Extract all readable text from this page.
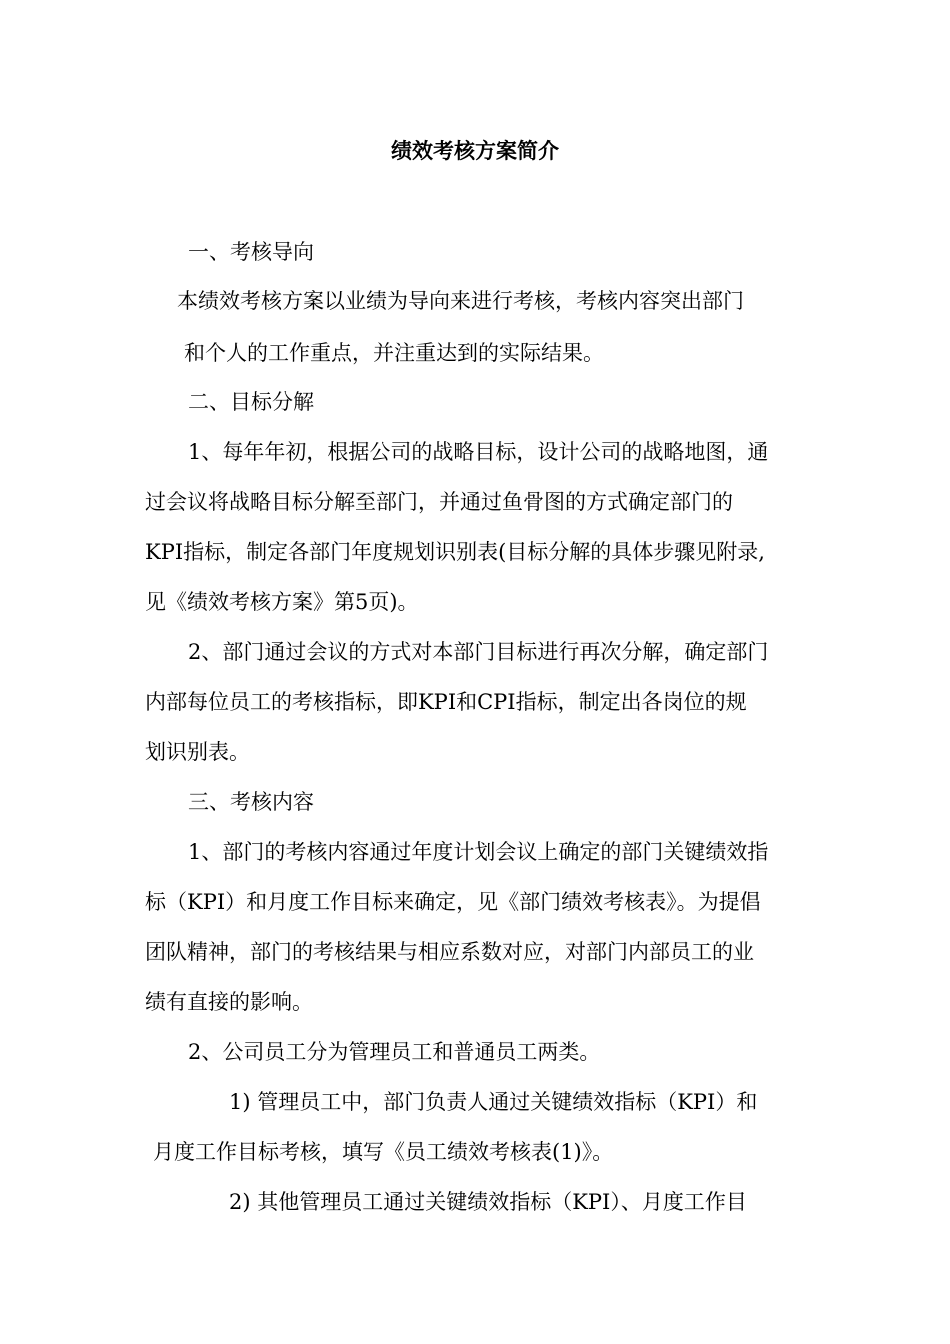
绩效考核方案简介
一、考核导向
本绩效考核方案以业绩为导向来进行考核，考核内容突出部门
和个人的工作重点，并注重达到的实际结果。
二、目标分解
1、每年年初，根据公司的战略目标，设计公司的战略地图，通
过会议将战略目标分解至部门，并通过鱼骨图的方式确定部门的
KPI指标，制定各部门年度规划识别表(目标分解的具体步骤见附录,
见《绩效考核方案》第5页)。
2、部门通过会议的方式对本部门目标进行再次分解，确定部门
内部每位员工的考核指标，即KPI和CPI指标，制定出各岗位的规
划识别表。
三、考核内容
1、部门的考核内容通过年度计划会议上确定的部门关键绩效指
标（KPI）和月度工作目标来确定，见《部门绩效考核表》。为提倡
团队精神，部门的考核结果与相应系数对应，对部门内部员工的业
绩有直接的影响。
2、公司员工分为管理员工和普通员工两类。
1) 管理员工中，部门负责人通过关键绩效指标（KPI）和
月度工作目标考核，填写《员工绩效考核表(1)》。
2) 其他管理员工通过关键绩效指标（KPI）、月度工作目
